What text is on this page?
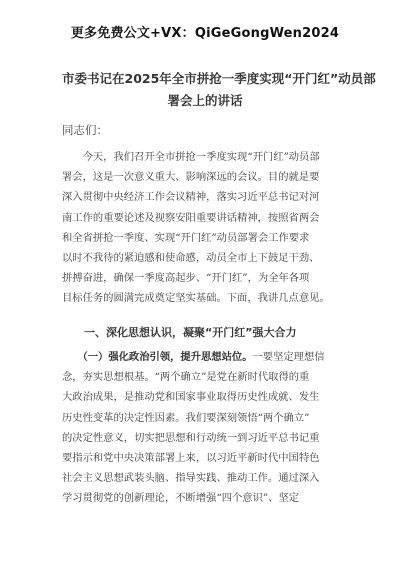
更多免费公文+VX：QiGeGongWen2024
市委书记在2025年全市拼抢一季度实现“开门红”动员部
署会上的讲话
同志们：
　　今天，我们召开全市拼抢一季度实现“开门红”动员部
署会，这是一次意义重大、影响深远的会议。目的就是要
深入贯彻中央经济工作会议精神，落实习近平总书记对河
南工作的重要论述及视察安阳重要讲话精神，按照省两会
和全省拼抢一季度、实现“开门红”动员部署会工作要求
以时不我待的紧迫感和使命感，动员全市上下鼓足干劲、
拼搏奋进，确保一季度高起步、“开门红”，为全年各项
目标任务的圆满完成奠定坚实基础。下面，我讲几点意见。
　　一、深化思想认识，凝聚“开门红”强大合力
　　（一）强化政治引领，提升思想站位。一要坚定理想信
念，夯实思想根基。“两个确立”是党在新时代取得的重
大政治成果，是推动党和国家事业取得历史性成就、发生
历史性变革的决定性因素。我们要深刻领悟“两个确立”
的决定性意义，切实把思想和行动统一到习近平总书记重
要指示和党中央决策部署上来，以习近平新时代中国特色
社会主义思想武装头脑、指导实践、推动工作。通过深入
学习贯彻党的创新理论，不断增强“四个意识”、坚定
